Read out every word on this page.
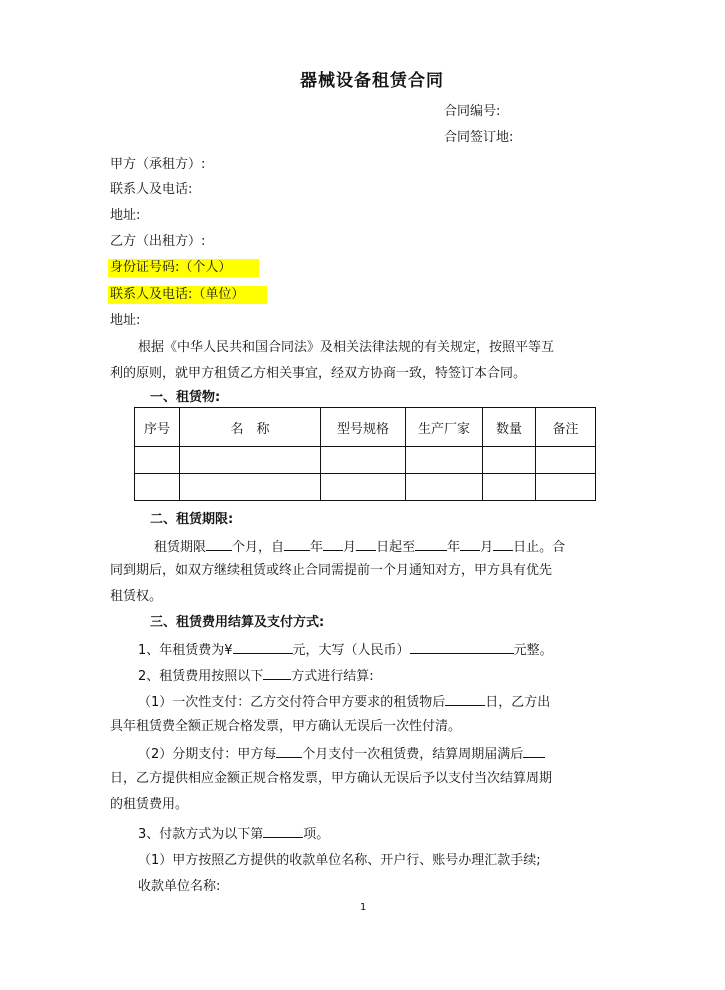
器械设备租赁合同
合同编号:
合同签订地:
甲方（承租方）:
联系人及电话:
地址:
乙方（出租方）:
身份证号码:（个人）
联系人及电话:（单位）
地址:
根据《中华人民共和国合同法》及相关法律法规的有关规定，按照平等互
利的原则，就甲方租赁乙方相关事宜，经双方协商一致，特签订本合同。
一、租赁物:
序号	名　称	型号规格	生产厂家	数量	备注

二、租赁期限:
租赁期限 个月，自 年 月 日起至 年 月 日止。合
同到期后，如双方继续租赁或终止合同需提前一个月通知对方，甲方具有优先
租赁权。
三、租赁费用结算及支付方式:
1、年租赁费为¥	元，大写（人民币）	元整。
2、租赁费用按照以下 方式进行结算:
（1）一次性支付：乙方交付符合甲方要求的租赁物后	日，乙方出
具年租赁费全额正规合格发票，甲方确认无误后一次性付清。
（2）分期支付：甲方每 个月支付一次租赁费，结算周期届满后
日，乙方提供相应金额正规合格发票，甲方确认无误后予以支付当次结算周期
的租赁费用。
3、付款方式为以下第	项。
（1）甲方按照乙方提供的收款单位名称、开户行、账号办理汇款手续;
收款单位名称:
1
